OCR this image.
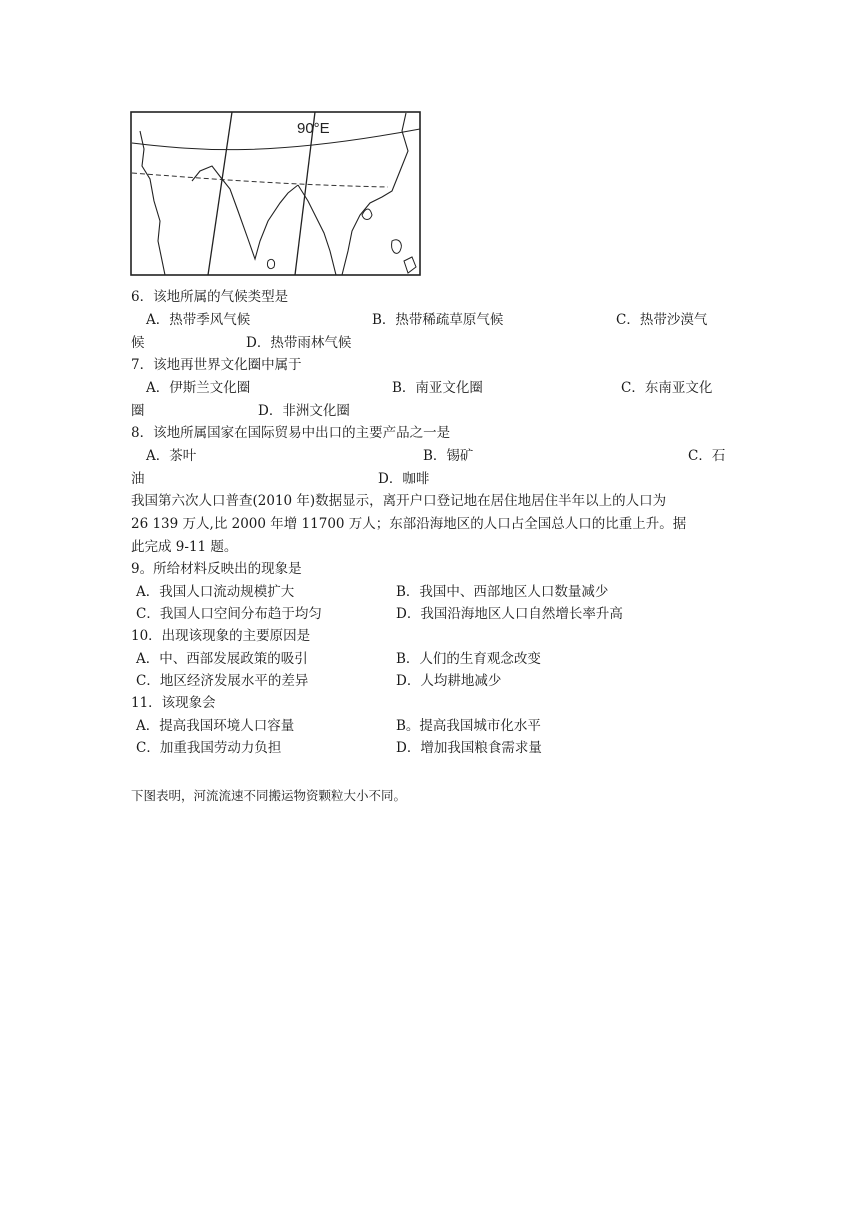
90°E
6．该地所属的气候类型是
A．热带季风气候	B．热带稀疏草原气候	C．热带沙漠气
候	D．热带雨林气候
7．该地再世界文化圈中属于
A．伊斯兰文化圈	B．南亚文化圈	C．东南亚文化
圈	D．非洲文化圈
8．该地所属国家在国际贸易中出口的主要产品之一是
A．茶叶	B．锡矿	C．石
油	D．咖啡
我国第六次人口普查(2010 年)数据显示，离开户口登记地在居住地居住半年以上的人口为
26 139 万人,比 2000 年增 11700 万人；东部沿海地区的人口占全国总人口的比重上升。据
此完成 9-11 题。
9。所给材料反映出的现象是
A．我国人口流动规模扩大	B．我国中、西部地区人口数量减少
C．我国人口空间分布趋于均匀	D．我国沿海地区人口自然增长率升高
10．出现该现象的主要原因是
A．中、西部发展政策的吸引	B．人们的生育观念改变
C．地区经济发展水平的差异	D．人均耕地减少
11．该现象会
A．提高我国环境人口容量	B。提高我国城市化水平
C．加重我国劳动力负担	D．增加我国粮食需求量
下图表明，河流流速不同搬运物资颗粒大小不同。
